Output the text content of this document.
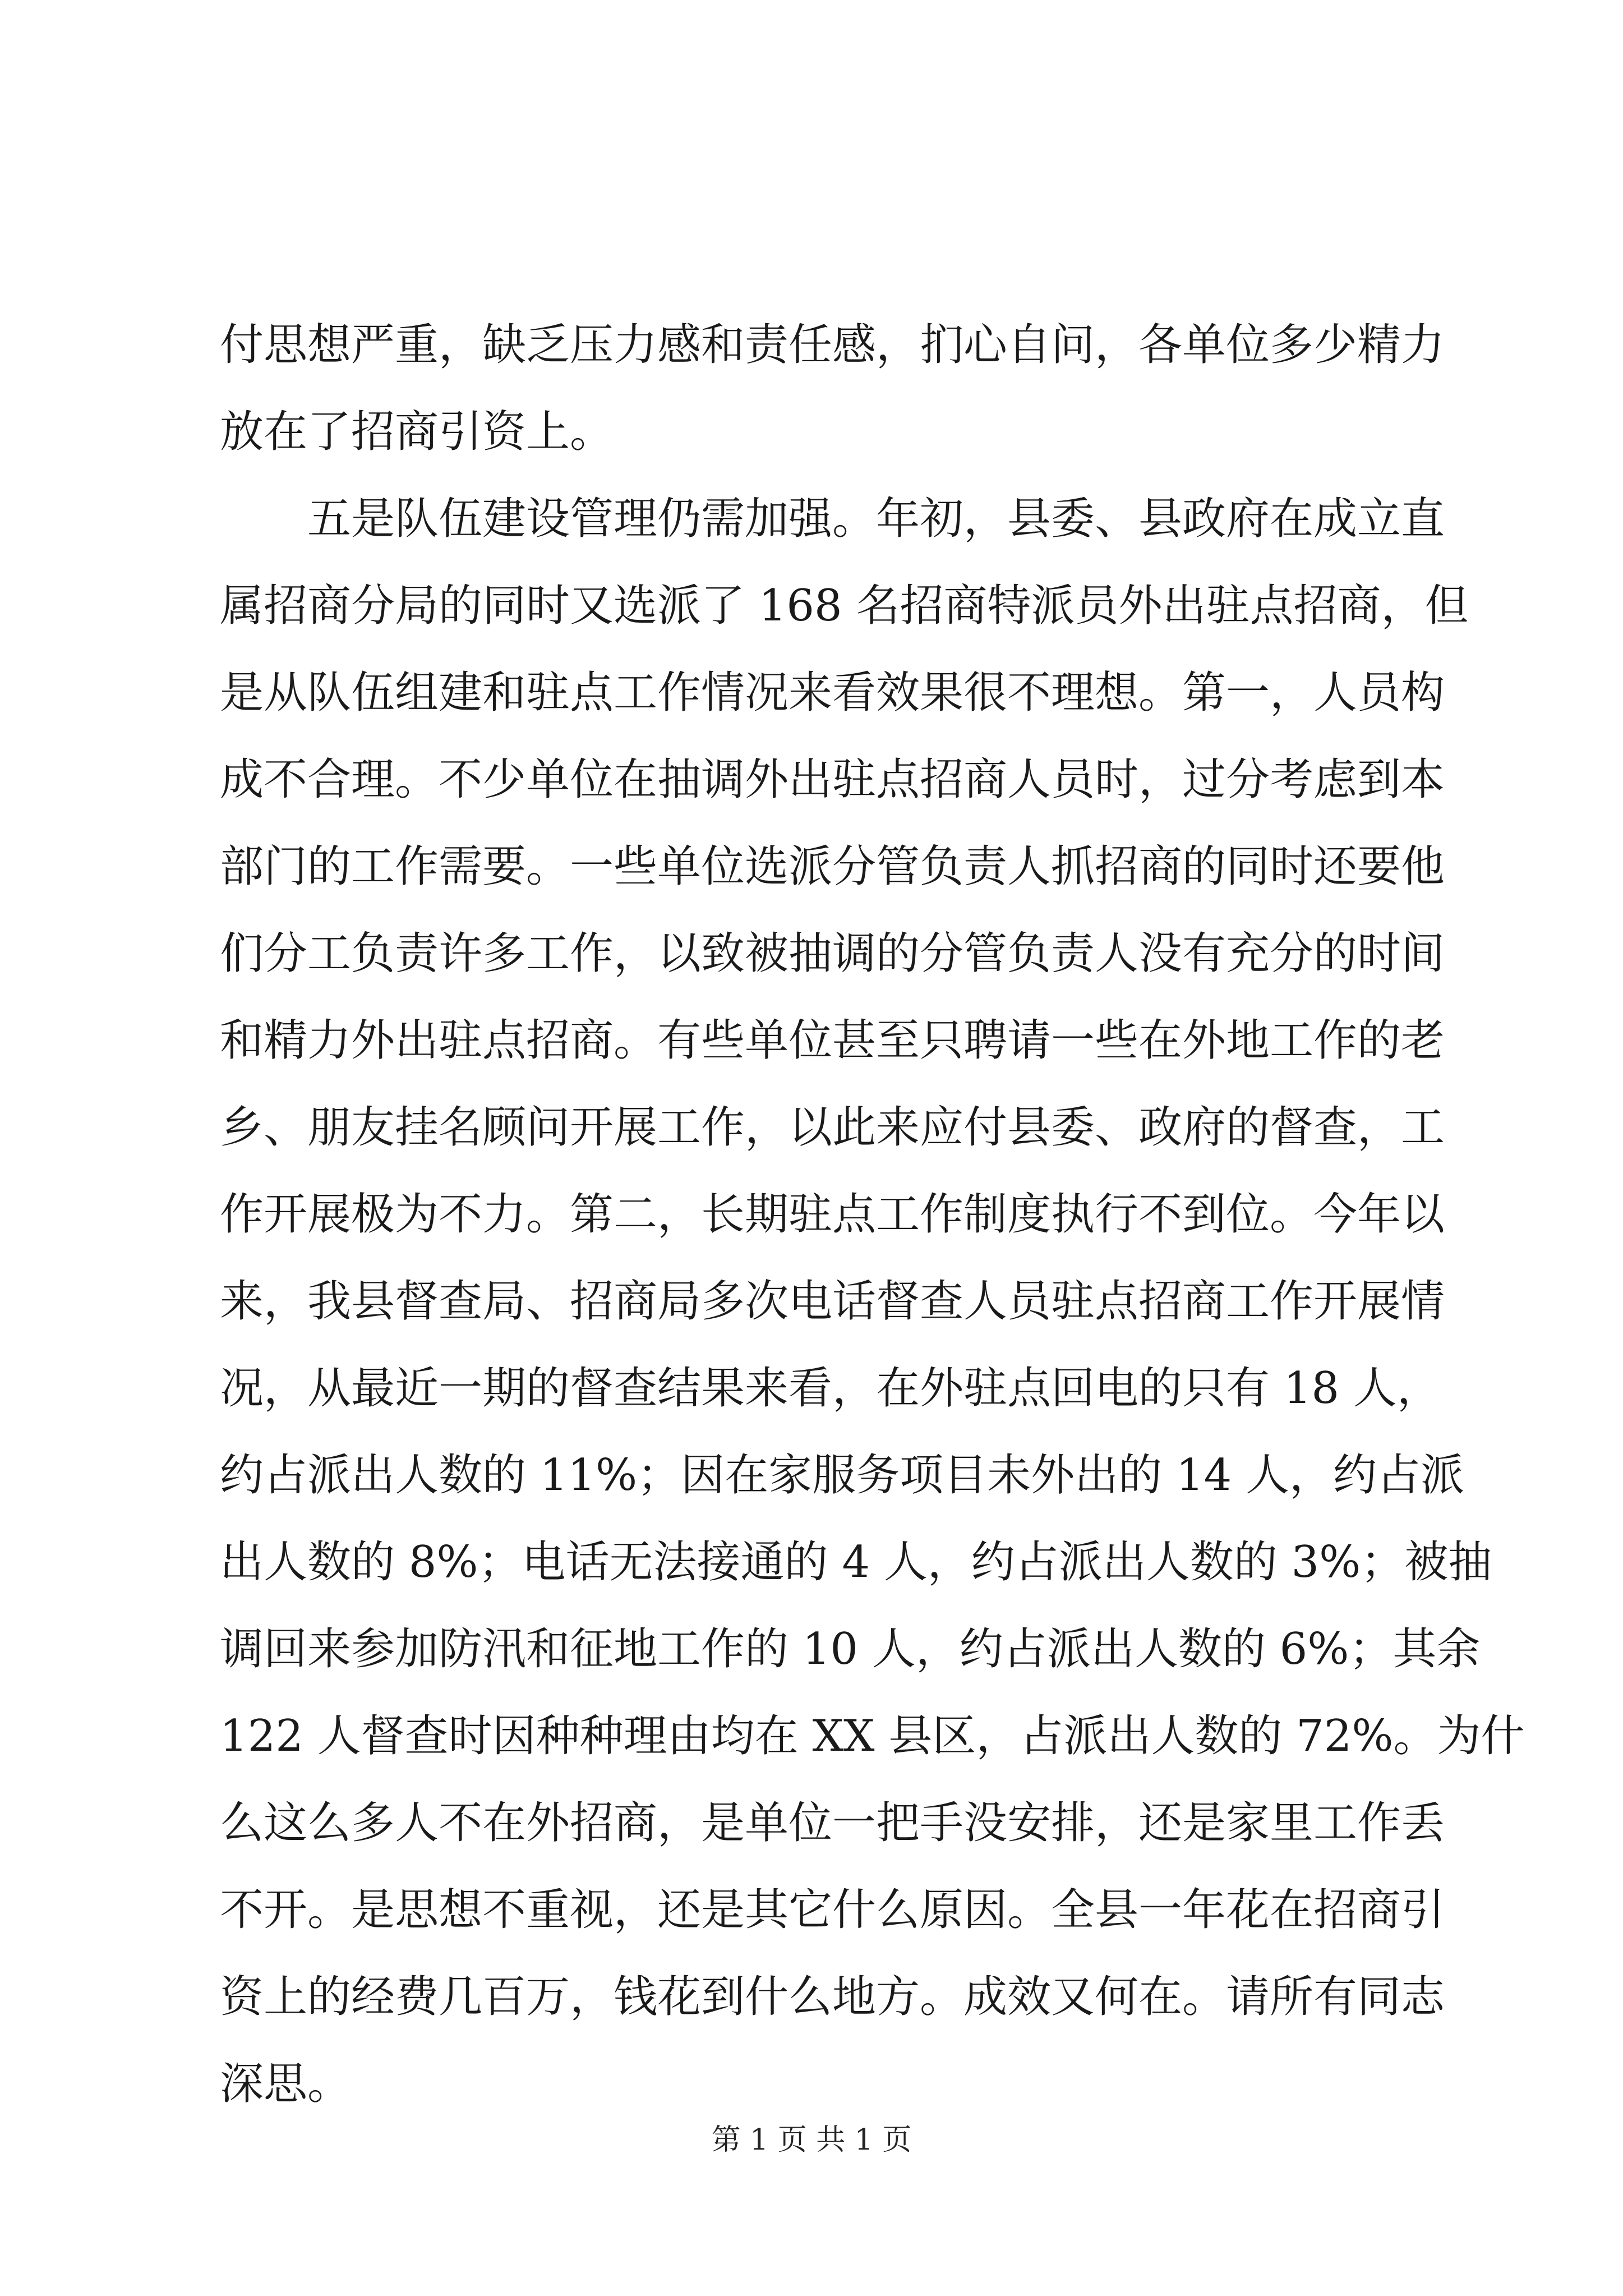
付思想严重，缺乏压力感和责任感，扪心自问，各单位多少精力
放在了招商引资上。
五是队伍建设管理仍需加强。年初，县委、县政府在成立直
属招商分局的同时又选派了 168 名招商特派员外出驻点招商，但
是从队伍组建和驻点工作情况来看效果很不理想。第一，人员构
成不合理。不少单位在抽调外出驻点招商人员时，过分考虑到本
部门的工作需要。一些单位选派分管负责人抓招商的同时还要他
们分工负责许多工作，以致被抽调的分管负责人没有充分的时间
和精力外出驻点招商。有些单位甚至只聘请一些在外地工作的老
乡、朋友挂名顾问开展工作，以此来应付县委、政府的督查，工
作开展极为不力。第二，长期驻点工作制度执行不到位。今年以
来，我县督查局、招商局多次电话督查人员驻点招商工作开展情
况，从最近一期的督查结果来看，在外驻点回电的只有 18 人，
约占派出人数的 11%；因在家服务项目未外出的 14 人，约占派
出人数的 8%；电话无法接通的 4 人，约占派出人数的 3%；被抽
调回来参加防汛和征地工作的 10 人，约占派出人数的 6%；其余
122 人督查时因种种理由均在 XX 县区，占派出人数的 72%。为什
么这么多人不在外招商，是单位一把手没安排，还是家里工作丢
不开。是思想不重视，还是其它什么原因。全县一年花在招商引
资上的经费几百万，钱花到什么地方。成效又何在。请所有同志
深思。
第 1 页 共 1 页
